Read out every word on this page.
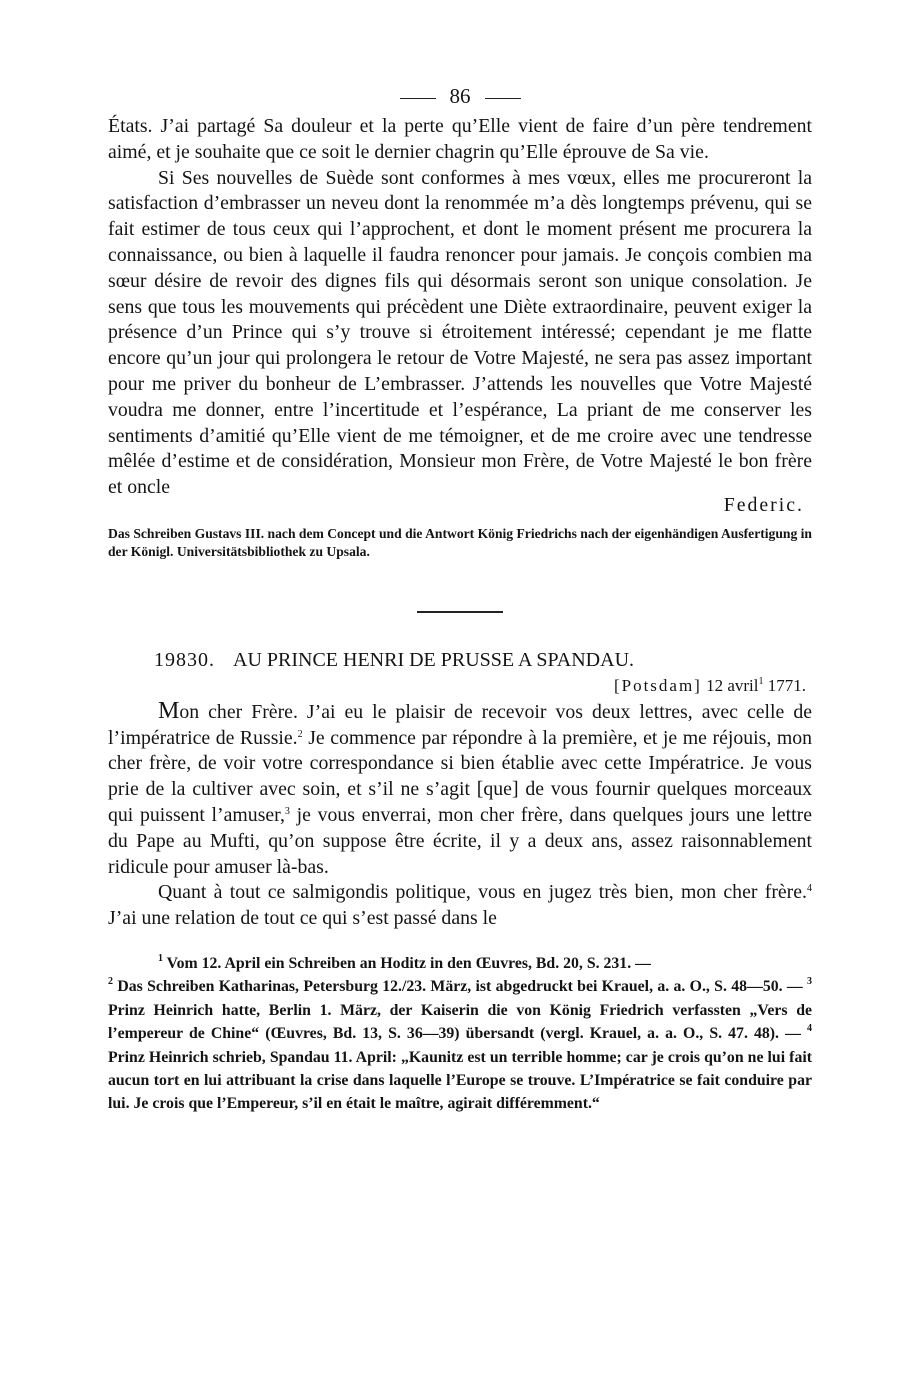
86

États. J’ai partagé Sa douleur et la perte qu’Elle vient de faire d’un père tendrement aimé, et je souhaite que ce soit le dernier chagrin qu’Elle éprouve de Sa vie.

Si Ses nouvelles de Suède sont conformes à mes vœux, elles me procureront la satisfaction d’embrasser un neveu dont la renommée m’a dès longtemps prévenu, qui se fait estimer de tous ceux qui l’approchent, et dont le moment présent me procurera la connaissance, ou bien à laquelle il faudra renoncer pour jamais. Je conçois combien ma sœur désire de revoir des dignes fils qui désormais seront son unique consolation. Je sens que tous les mouvements qui précèdent une Diète extraordinaire, peuvent exiger la présence d’un Prince qui s’y trouve si étroitement intéressé; cependant je me flatte encore qu’un jour qui prolongera le retour de Votre Majesté, ne sera pas assez important pour me priver du bonheur de L’embrasser. J’attends les nouvelles que Votre Majesté voudra me donner, entre l’incertitude et l’espérance, La priant de me conserver les sentiments d’amitié qu’Elle vient de me témoigner, et de me croire avec une tendresse mêlée d’estime et de considération, Monsieur mon Frère, de Votre Majesté le bon frère et oncle

Federic.
Das Schreiben Gustavs III. nach dem Concept und die Antwort König Friedrichs nach der eigenhändigen Ausfertigung in der Königl. Universitätsbibliothek zu Upsala.
19830. AU PRINCE HENRI DE PRUSSE A SPANDAU.
[Potsdam] 12 avril$^1$ 1771.

Mon cher Frère. J’ai eu le plaisir de recevoir vos deux lettres, avec celle de l’impératrice de Russie.$^2$ Je commence par répondre à la première, et je me réjouis, mon cher frère, de voir votre correspondance si bien établie avec cette Impératrice. Je vous prie de la cultiver avec soin, et s’il ne s’agit [que] de vous fournir quelques morceaux qui puissent l’amuser,$^3$ je vous enverrai, mon cher frère, dans quelques jours une lettre du Pape au Mufti, qu’on suppose être écrite, il y a deux ans, assez raisonnablement ridicule pour amuser là-bas.

Quant à tout ce salmigondis politique, vous en jugez très bien, mon cher frère.$^4$ J’ai une relation de tout ce qui s’est passé dans le

$^1$ Vom 12. April ein Schreiben an Hoditz in den Œuvres, Bd. 20, S. 231. —
$^2$ Das Schreiben Katharinas, Petersburg 12./23. März, ist abgedruckt bei Krauel, a. a. O., S. 48—50. — $^3$ Prinz Heinrich hatte, Berlin 1. März, der Kaiserin die von König Friedrich verfassten „Vers de l’empereur de Chine“ (Œuvres, Bd. 13, S. 36—39) übersandt (vergl. Krauel, a. a. O., S. 47. 48). — $^4$ Prinz Heinrich schrieb, Spandau 11. April: „Kaunitz est un terrible homme; car je crois qu’on ne lui fait aucun tort en lui attribuant la crise dans laquelle l’Europe se trouve. L’Impératrice se fait conduire par lui. Je crois que l’Empereur, s’il en était le maître, agirait différemment.“
